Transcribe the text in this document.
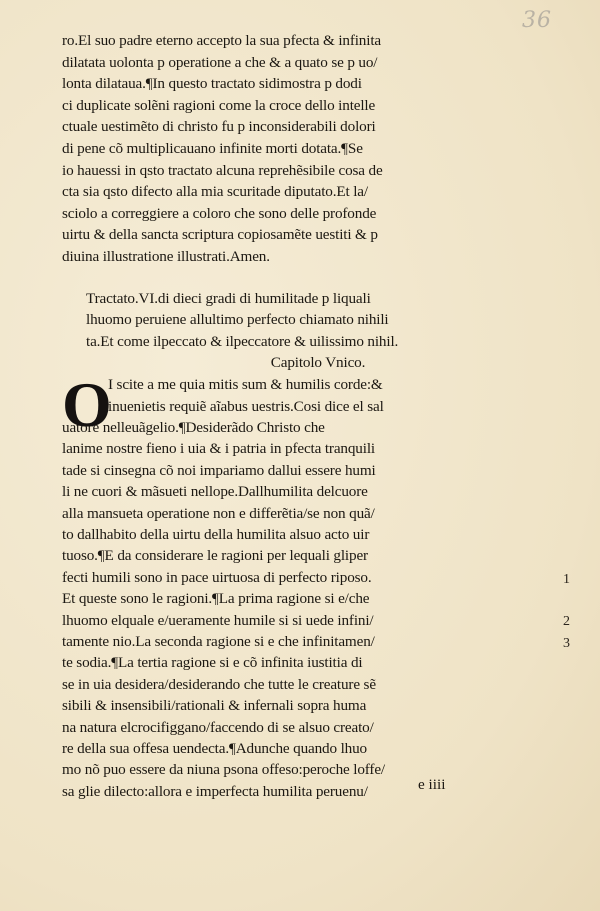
36
ro.El suo padre eterno accepto la sua pfecta & infinita
dilatata uolonta p operatione a che & a quato se p uo/
lonta dilataua.¶In questo tractato sidimostra p dodi
ci duplicate solẽni ragioni come la croce dello intelle
ctuale uestimẽto di christo fu p inconsiderabili dolori
di pene cõ multiplicauano infinite morti dotata.¶Se
io hauessi in qsto tractato alcuna reprehẽsibile cosa de
cta sia qsto difecto alla mia scuritade diputato.Et la/
sciolo a correggiere a coloro che sono delle profonde
uirtu & della sancta scriptura copiosamẽte uestiti & p
diuina illustratione illustrati.Amen.
Tractato.VI.di dieci gradi di humilitade p liquali
lhuomo peruiene allultimo perfecto chiamato nihili
ta.Et come ilpeccato & ilpeccatore & uilissimo nihil.
Capitolo Vnico.
O
I scite a me quia mitis sum & humilis corde:&
inuenietis requiẽ aĩabus uestris.Cosi dice el sal
uatore nelleuãgelio.¶Desiderãdo Christo che
lanime nostre fieno i uia & i patria in pfecta tranquili
tade si cinsegna cõ noi impariamo dallui essere humi
li ne cuori & mãsueti nellope.Dallhumilita delcuore
alla mansueta operatione non e differẽtia/se non quã/
to dallhabito della uirtu della humilita alsuo acto uir
tuoso.¶E da considerare le ragioni per lequali gliper
fecti humili sono in pace uirtuosa di perfecto riposo.
Et queste sono le ragioni.¶La prima ragione si e/che
lhuomo elquale e/ueramente humile si si uede infini/
tamente nio.La seconda ragione si e che infinitamen/
te sodia.¶La tertia ragione si e cõ infinita iustitia di
se in uia desidera/desiderando che tutte le creature sẽ
sibili & insensibili/rationali & infernali sopra huma
na natura elcrocifiggano/faccendo di se alsuo creato/
re della sua offesa uendecta.¶Adunche quando lhuo
mo nõ puo essere da niuna psona offeso:peroche loffe/
sa glie dilecto:allora e imperfecta humilita peruenu/	e iiii
1
2
3
